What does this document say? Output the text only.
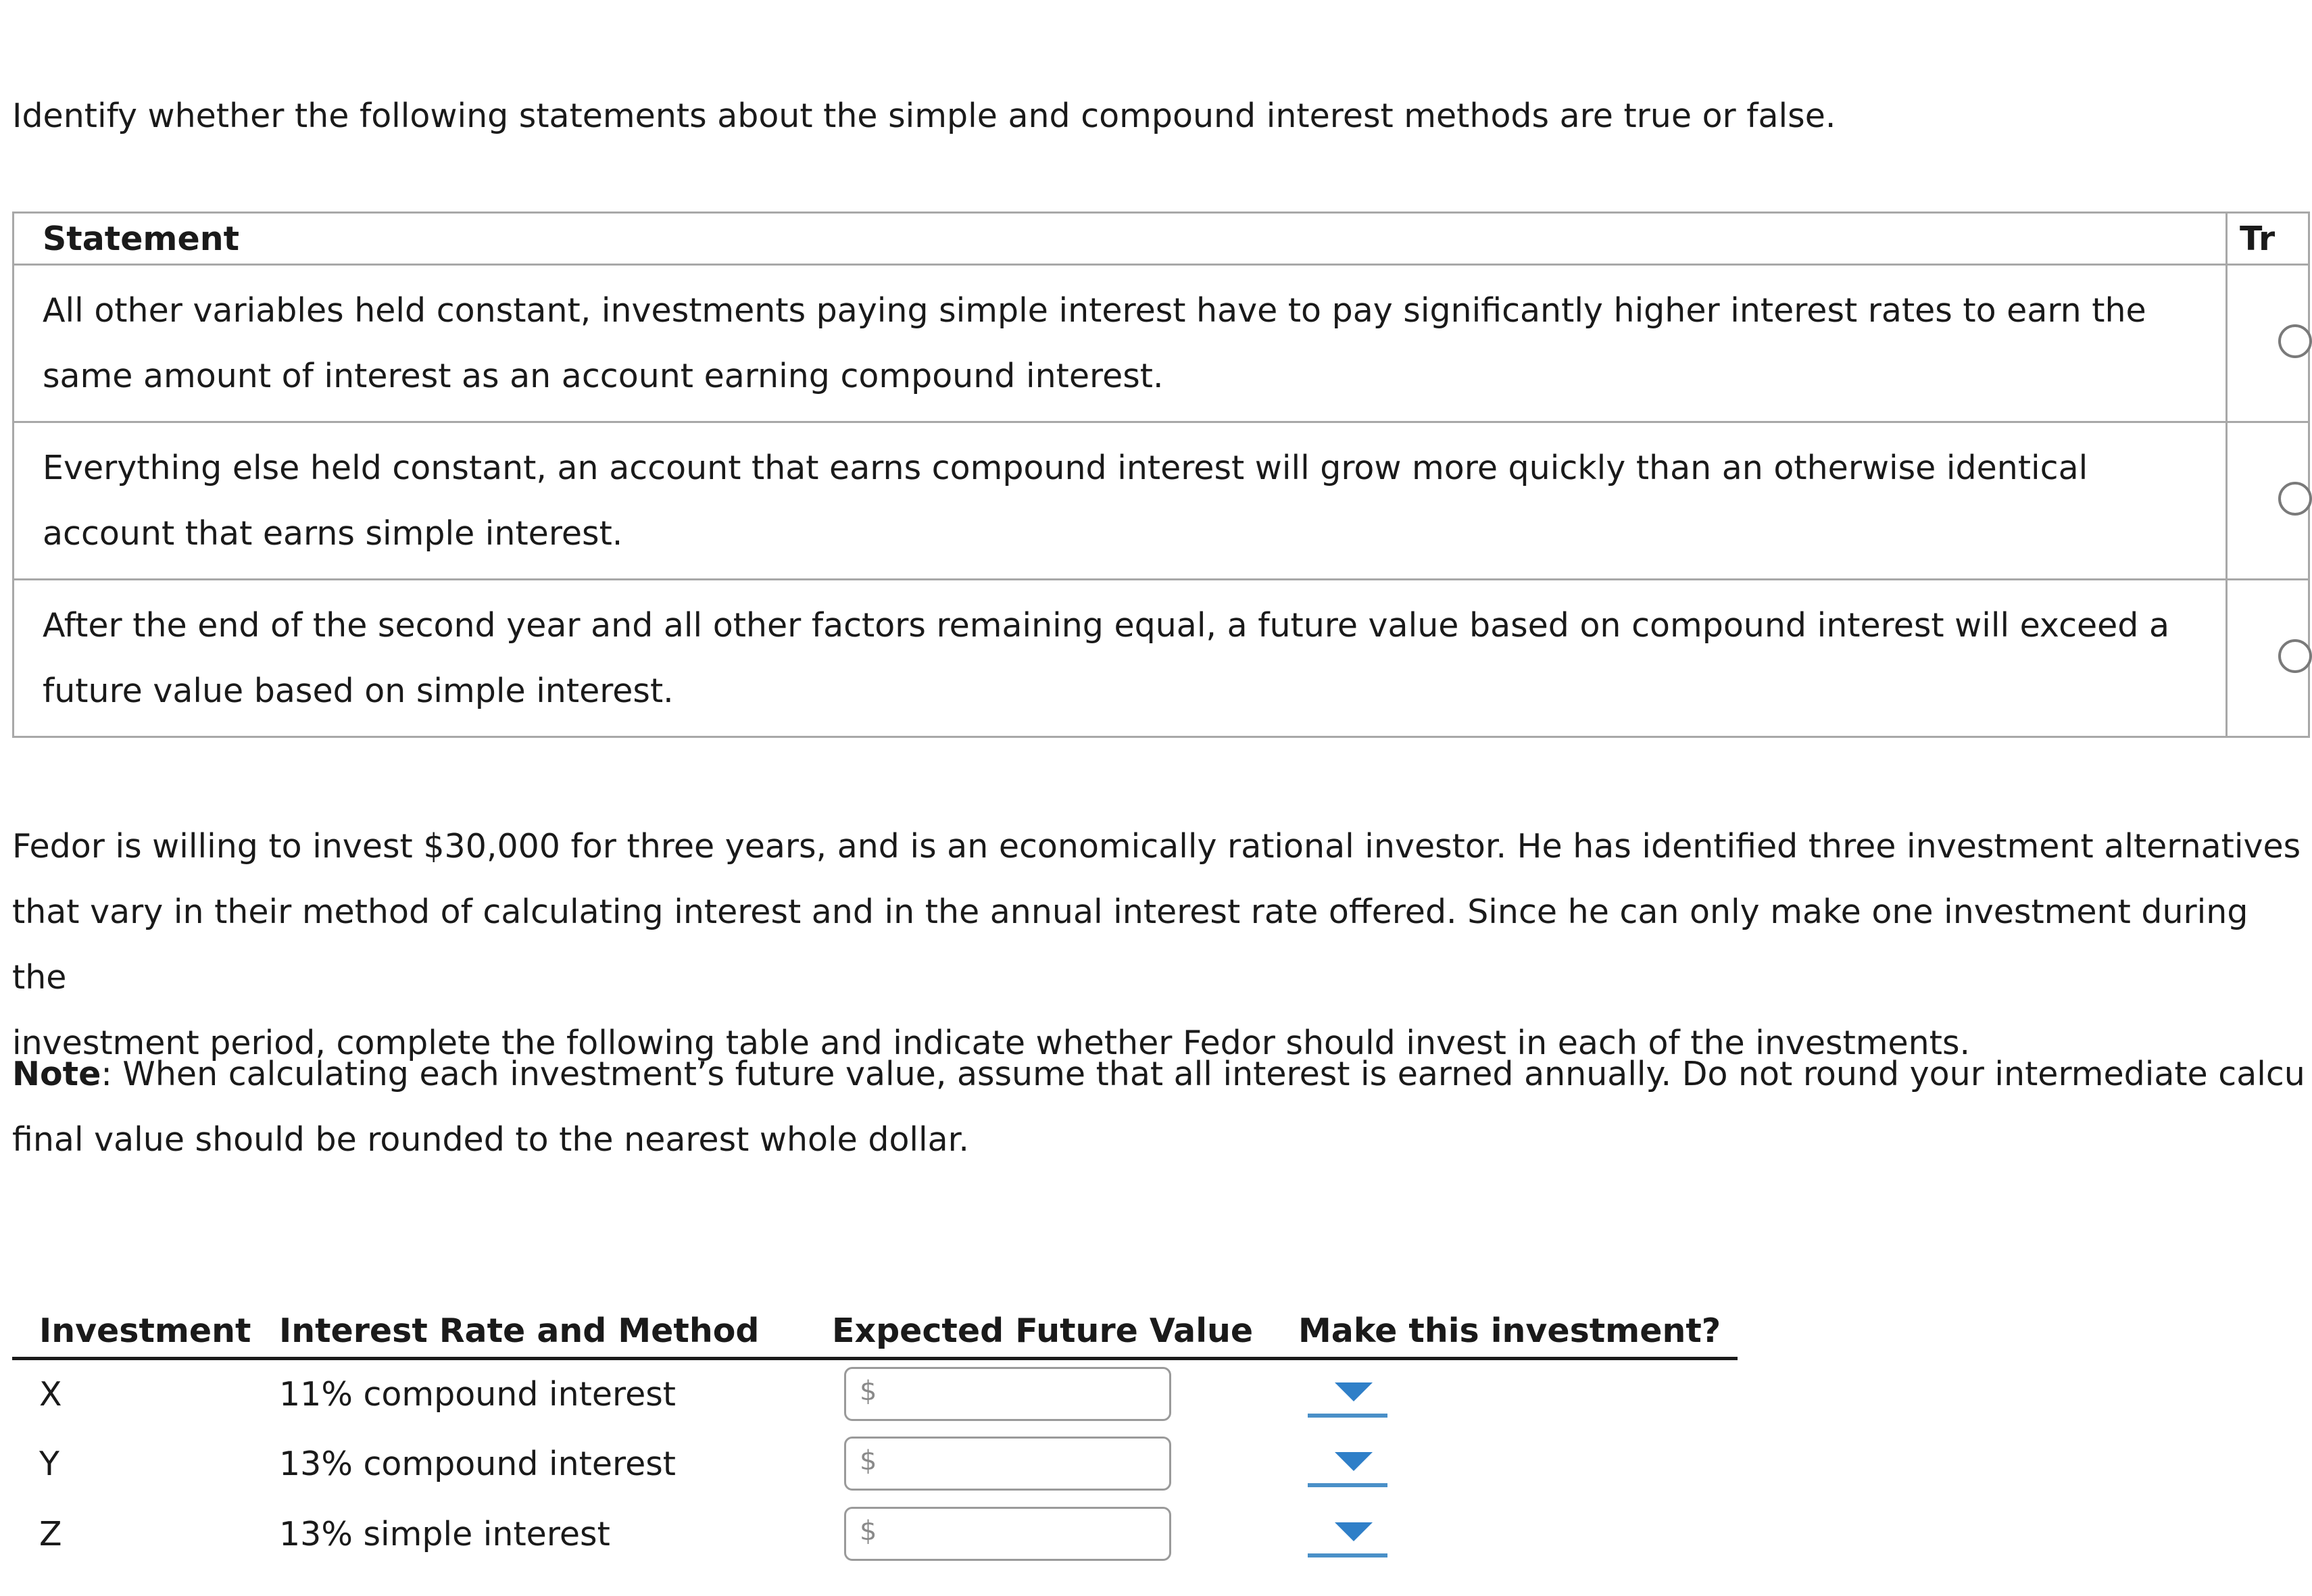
Identify whether the following statements about the simple and compound interest methods are true or false.

Statement	Tr
All other variables held constant, investments paying simple interest have to pay significantly higher interest rates to earn the
same amount of interest as an account earning compound interest.	

Everything else held constant, an account that earns compound interest will grow more quickly than an otherwise identical
account that earns simple interest.	

After the end of the second year and all other factors remaining equal, a future value based on compound interest will exceed a
future value based on simple interest.	

Fedor is willing to invest $30,000 for three years, and is an economically rational investor. He has identified three investment alternatives
that vary in their method of calculating interest and in the annual interest rate offered. Since he can only make one investment during the
investment period, complete the following table and indicate whether Fedor should invest in each of the investments.

Note: When calculating each investment’s future value, assume that all interest is earned annually. Do not round your intermediate calcu
final value should be rounded to the nearest whole dollar.

Investment	Interest Rate and Method	Expected Future Value	Make this investment?
X	11% compound interest	$	

Y	13% compound interest	$	

Z	13% simple interest	$	
